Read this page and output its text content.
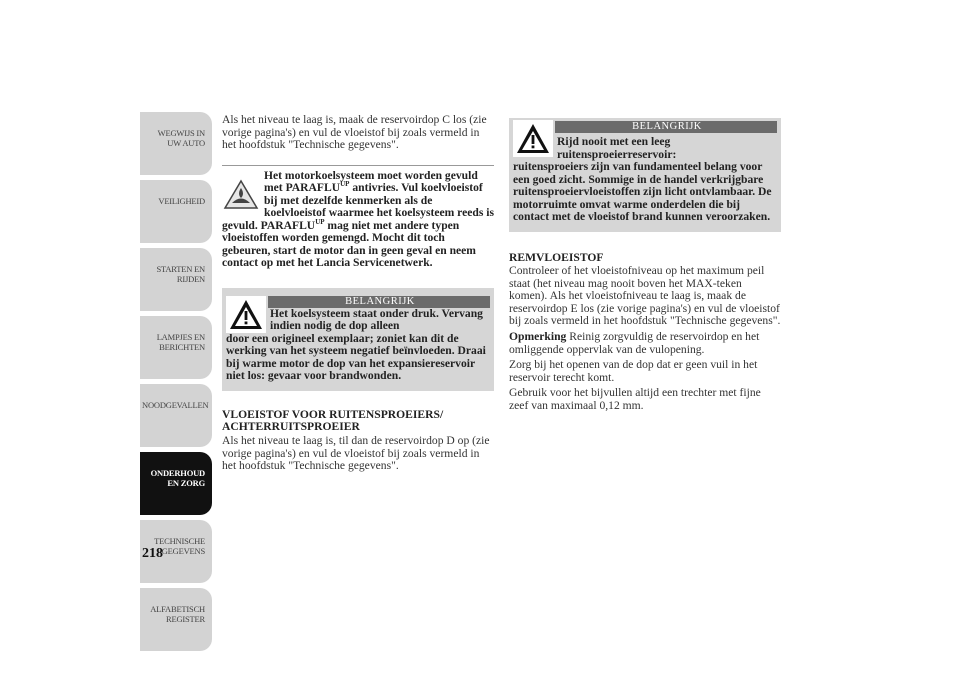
WEGWIJS IN UW AUTO
VEILIGHEID
STARTEN EN RIJDEN
LAMPJES EN BERICHTEN
NOODGEVALLEN
ONDERHOUD EN ZORG
TECHNISCHE GEGEVENS
ALFABETISCH REGISTER
218

Als het niveau te laag is, maak de reservoirdop C los (zie vorige pagina's) en vul de vloeistof bij zoals vermeld in het hoofdstuk "Technische gegevens".

Het motorkoelsysteem moet worden gevuld met $PARAFLU^{UP}$ antivries. Vul koelvloeistof bij met dezelfde kenmerken als de koelvloeistof waarmee het koelsysteem reeds is gevuld. $PARAFLU^{UP}$ mag niet met andere typen vloeistoffen worden gemengd. Mocht dit toch gebeuren, start de motor dan in geen geval en neem contact op met het Lancia Servicenetwerk.
BELANGRIJK
Het koelsysteem staat onder druk. Vervang indien nodig de dop alleen
door een origineel exemplaar; zoniet kan dit de werking van het systeem negatief beïnvloeden. Draai bij warme motor de dop van het expansiereservoir niet los: gevaar voor brandwonden.

VLOEISTOF VOOR RUITENSPROEIERS/ ACHTERRUITSPROEIER

Als het niveau te laag is, til dan de reservoirdop D op (zie vorige pagina's) en vul de vloeistof bij zoals vermeld in het hoofdstuk "Technische gegevens".

BELANGRIJK
Rijd nooit met een leeg ruitensproeierreservoir:
ruitensproeiers zijn van fundamenteel belang voor een goed zicht. Sommige in de handel verkrijgbare ruitensproeiervloeistoffen zijn licht ontvlambaar. De motorruimte omvat warme onderdelen die bij contact met de vloeistof brand kunnen veroorzaken.

REMVLOEISTOF

Controleer of het vloeistofniveau op het maximum peil staat (het niveau mag nooit boven het MAX-teken komen). Als het vloeistofniveau te laag is, maak de reservoirdop E los (zie vorige pagina's) en vul de vloeistof bij zoals vermeld in het hoofdstuk "Technische gegevens".

Opmerking Reinig zorgvuldig de reservoirdop en het omliggende oppervlak van de vulopening.

Zorg bij het openen van de dop dat er geen vuil in het reservoir terecht komt.

Gebruik voor het bijvullen altijd een trechter met fijne zeef van maximaal 0,12 mm.
